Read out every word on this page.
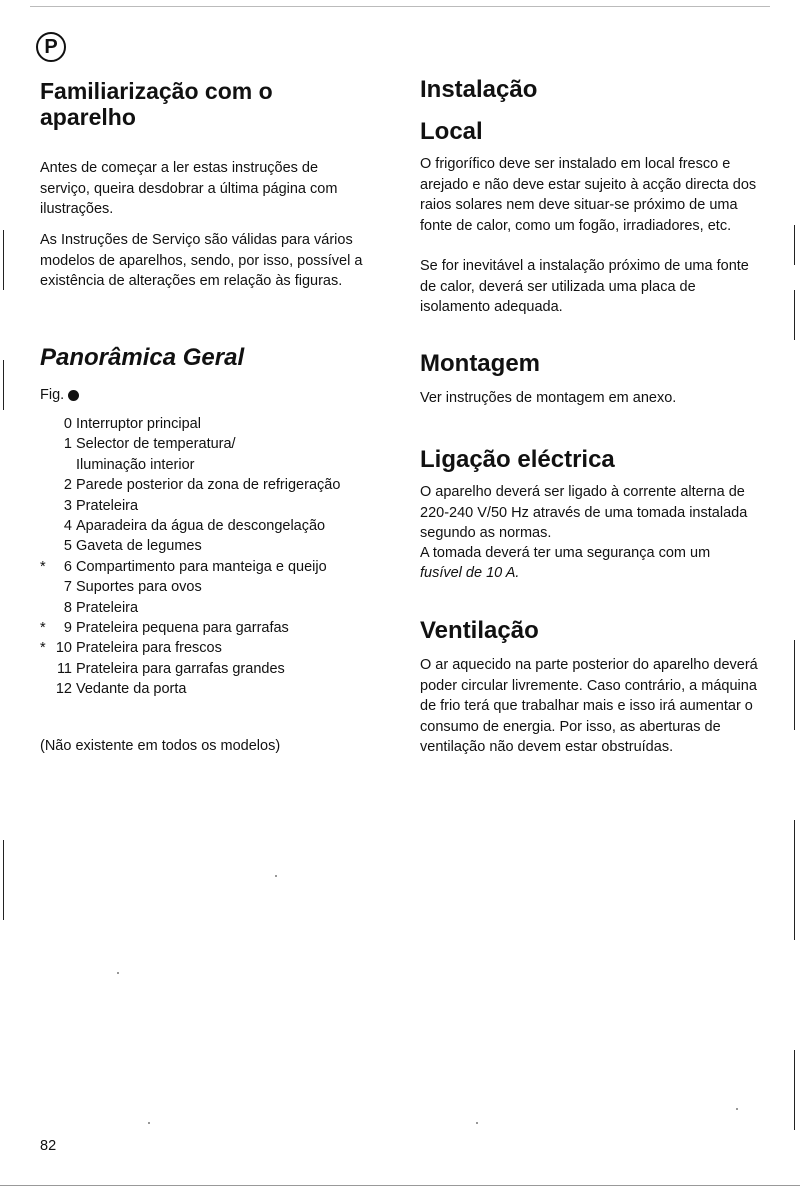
P
Familiarização com o aparelho

Antes de começar a ler estas instruções de serviço, queira desdobrar a última página com ilustrações.

As Instruções de Serviço são válidas para vários modelos de aparelhos, sendo, por isso, possível a existência de alterações em relação às figuras.

Panorâmica Geral
Fig.
0 Interruptor principal
1 Selector de temperatura/
Iluminação interior
2 Parede posterior da zona de refrigeração
3 Prateleira
4 Aparadeira da água de descongelação
5 Gaveta de legumes
*	6 Compartimento para manteiga e queijo
7 Suportes para ovos
8 Prateleira
*	9 Prateleira pequena para garrafas
* 10 Prateleira para frescos
11 Prateleira para garrafas grandes
12 Vedante da porta

(Não existente em todos os modelos)

82
Instalação
Local

O frigorífico deve ser instalado em local fresco e arejado e não deve estar sujeito à acção directa dos raios solares nem deve situar-se próximo de uma fonte de calor, como um fogão, irradiadores, etc.

Se for inevitável a instalação próximo de uma fonte de calor, deverá ser utilizada uma placa de isolamento adequada.

Montagem

Ver instruções de montagem em anexo.

Ligação eléctrica

O aparelho deverá ser ligado à corrente alterna de 220-240 V/50 Hz através de uma tomada instalada segundo as normas.

A tomada deverá ter uma segurança com um

fusível de 10 A.

Ventilação

O ar aquecido na parte posterior do aparelho deverá poder circular livremente. Caso contrário, a máquina de frio terá que trabalhar mais e isso irá aumentar o consumo de energia. Por isso, as aberturas de ventilação não devem estar obstruídas.
